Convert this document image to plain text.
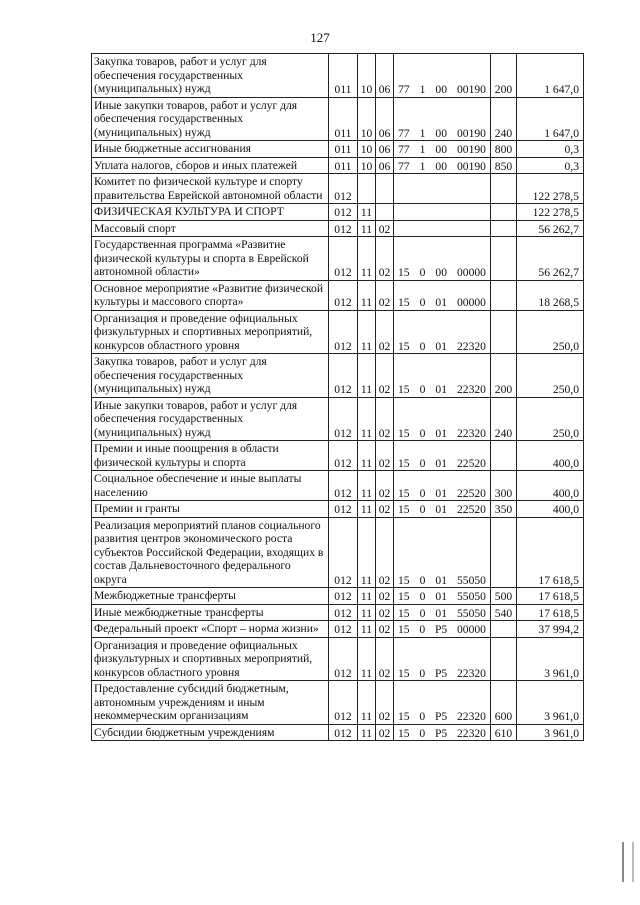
127
Закупка товаров, работ и услуг для обеспечения государственных (муниципальных) нужд	011	10	06	77 1 00 00190	200	1 647,0
Иные закупки товаров, работ и услуг для обеспечения государственных (муниципальных) нужд	011	10	06	77 1 00 00190	240	1 647,0
Иные бюджетные ассигнования	011	10	06	77 1 00 00190	800	0,3
Уплата налогов, сборов и иных платежей	011	10	06	77 1 00 00190	850	0,3
Комитет по физической культуре и спорту правительства Еврейской автономной области	012					122 278,5
ФИЗИЧЕСКАЯ КУЛЬТУРА И СПОРТ	012	11				122 278,5
Массовый спорт	012	11	02			56 262,7
Государственная программа «Развитие физической культуры и спорта в Еврейской автономной области»	012	11	02	15 0 00 00000		56 262,7
Основное мероприятие «Развитие физической культуры и массового спорта»	012	11	02	15 0 01 00000		18 268,5
Организация и проведение официальных физкультурных и спортивных мероприятий, конкурсов областного уровня	012	11	02	15 0 01 22320		250,0
Закупка товаров, работ и услуг для обеспечения государственных (муниципальных) нужд	012	11	02	15 0 01 22320	200	250,0
Иные закупки товаров, работ и услуг для обеспечения государственных (муниципальных) нужд	012	11	02	15 0 01 22320	240	250,0
Премии и иные поощрения в области физической культуры и спорта	012	11	02	15 0 01 22520		400,0
Социальное обеспечение и иные выплаты населению	012	11	02	15 0 01 22520	300	400,0
Премии и гранты	012	11	02	15 0 01 22520	350	400,0
Реализация мероприятий планов социального развития центров экономического роста субъектов Российской Федерации, входящих в состав Дальневосточного федерального округа	012	11	02	15 0 01 55050		17 618,5
Межбюджетные трансферты	012	11	02	15 0 01 55050	500	17 618,5
Иные межбюджетные трансферты	012	11	02	15 0 01 55050	540	17 618,5
Федеральный проект «Спорт – норма жизни»	012	11	02	15 0 P5 00000		37 994,2
Организация и проведение официальных физкультурных и спортивных мероприятий, конкурсов областного уровня	012	11	02	15 0 P5 22320		3 961,0
Предоставление субсидий бюджетным, автономным учреждениям и иным некоммерческим организациям	012	11	02	15 0 P5 22320	600	3 961,0
Субсидии бюджетным учреждениям	012	11	02	15 0 P5 22320	610	3 961,0
